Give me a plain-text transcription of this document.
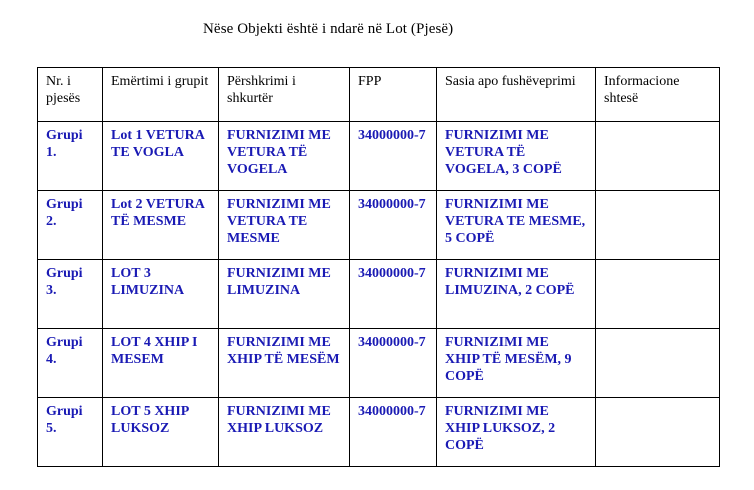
Nëse Objekti është i ndarë në Lot (Pjesë)
Nr. i pjesës	Emërtimi i grupit	Përshkrimi i shkurtër	FPP	Sasia apo fushëveprimi	Informacione shtesë
Grupi 1.	Lot 1 VETURA TE VOGLA	FURNIZIMI ME VETURA TË VOGELA	34000000-7	FURNIZIMI ME VETURA TË VOGELA, 3 COPË	
Grupi 2.	Lot 2 VETURA TË MESME	FURNIZIMI ME VETURA TE MESME	34000000-7	FURNIZIMI ME VETURA TE MESME, 5 COPË	
Grupi 3.	LOT 3 LIMUZINA	FURNIZIMI ME LIMUZINA	34000000-7	FURNIZIMI ME LIMUZINA, 2 COPË	
Grupi 4.	LOT 4 XHIP I MESEM	FURNIZIMI ME XHIP TË MESËM	34000000-7	FURNIZIMI ME XHIP TË MESËM, 9 COPË	
Grupi 5.	LOT 5 XHIP LUKSOZ	FURNIZIMI ME XHIP LUKSOZ	34000000-7	FURNIZIMI ME XHIP LUKSOZ, 2 COPË	
